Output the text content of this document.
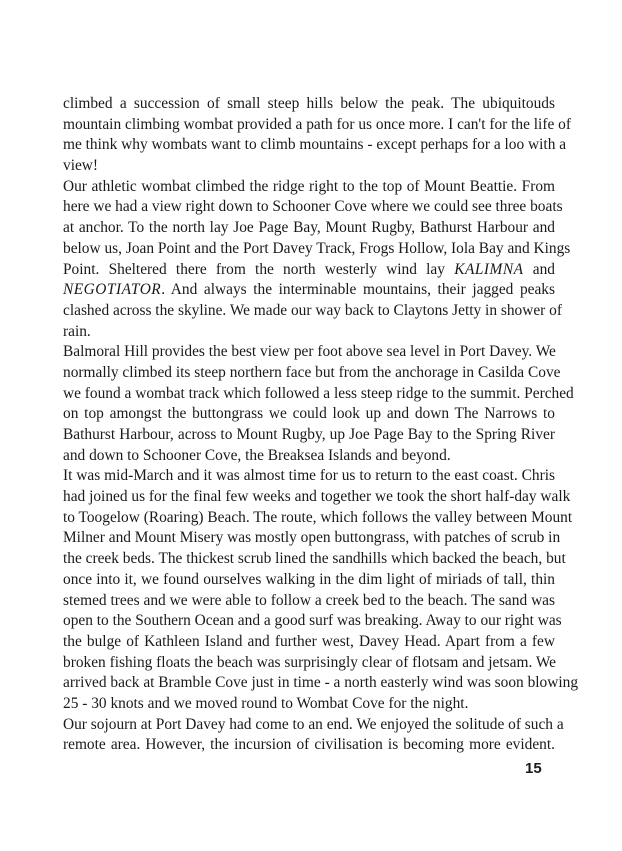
climbed a succession of small steep hills below the peak. The ubiquitouds
mountain climbing wombat provided a path for us once more. I can't for the life of
me think why wombats want to climb mountains - except perhaps for a loo with a
view!
Our athletic wombat climbed the ridge right to the top of Mount Beattie. From
here we had a view right down to Schooner Cove where we could see three boats
at anchor. To the north lay Joe Page Bay, Mount Rugby, Bathurst Harbour and
below us, Joan Point and the Port Davey Track, Frogs Hollow, Iola Bay and Kings
Point. Sheltered there from the north westerly wind lay KALIMNA and
NEGOTIATOR. And always the interminable mountains, their jagged peaks
clashed across the skyline. We made our way back to Claytons Jetty in shower of
rain.
Balmoral Hill provides the best view per foot above sea level in Port Davey. We
normally climbed its steep northern face but from the anchorage in Casilda Cove
we found a wombat track which followed a less steep ridge to the summit. Perched
on top amongst the buttongrass we could look up and down The Narrows to
Bathurst Harbour, across to Mount Rugby, up Joe Page Bay to the Spring River
and down to Schooner Cove, the Breaksea Islands and beyond.
It was mid-March and it was almost time for us to return to the east coast. Chris
had joined us for the final few weeks and together we took the short half-day walk
to Toogelow (Roaring) Beach. The route, which follows the valley between Mount
Milner and Mount Misery was mostly open buttongrass, with patches of scrub in
the creek beds. The thickest scrub lined the sandhills which backed the beach, but
once into it, we found ourselves walking in the dim light of miriads of tall, thin
stemed trees and we were able to follow a creek bed to the beach. The sand was
open to the Southern Ocean and a good surf was breaking. Away to our right was
the bulge of Kathleen Island and further west, Davey Head. Apart from a few
broken fishing floats the beach was surprisingly clear of flotsam and jetsam. We
arrived back at Bramble Cove just in time - a north easterly wind was soon blowing
25 - 30 knots and we moved round to Wombat Cove for the night.
Our sojourn at Port Davey had come to an end. We enjoyed the solitude of such a
remote area. However, the incursion of civilisation is becoming more evident.
15
